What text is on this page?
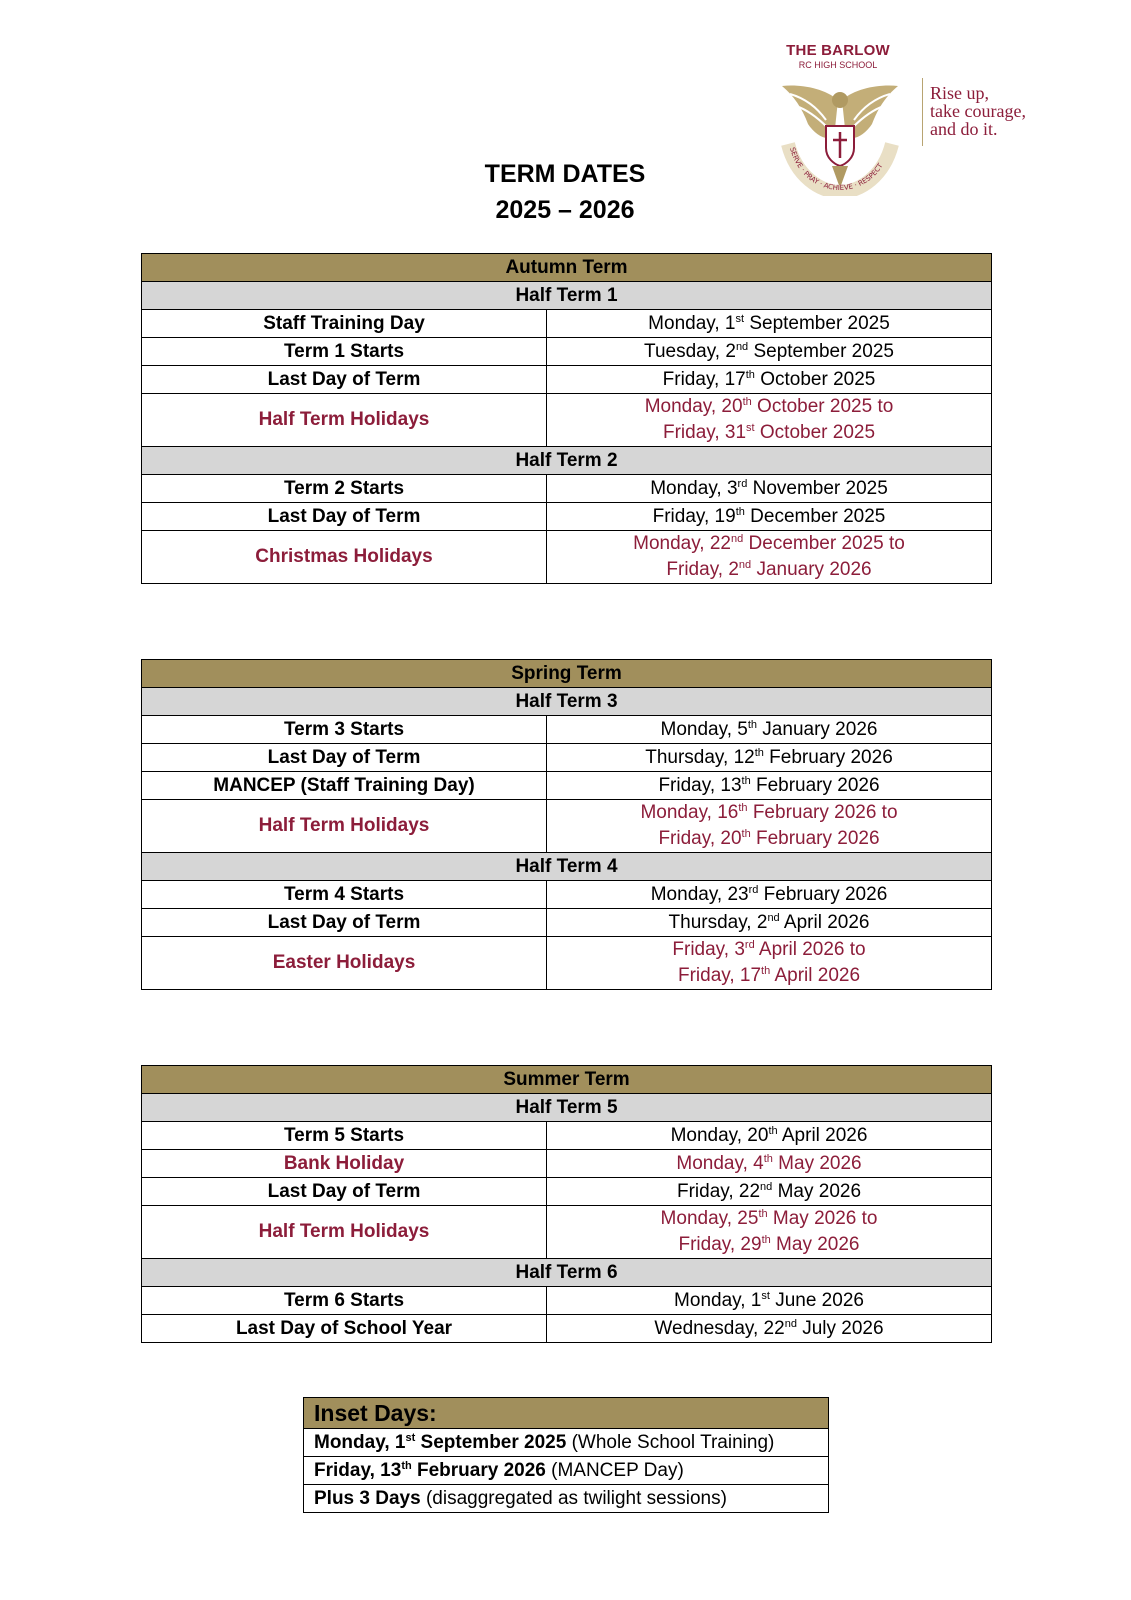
THE BARLOW
RC HIGH SCHOOL
SERVE · PRAY · ACHIEVE · RESPECT
Rise up,
take courage,
and do it.
TERM DATES
2025 – 2026
Autumn Term	
Half Term 1	
Staff Training Day	Monday, 1st September 2025
Term 1 Starts	Tuesday, 2nd September 2025
Last Day of Term	Friday, 17th October 2025
Half Term Holidays	Monday, 20th October 2025 to
Friday, 31st October 2025

Half Term 2	
Term 2 Starts	Monday, 3rd November 2025
Last Day of Term	Friday, 19th December 2025
Christmas Holidays	Monday, 22nd December 2025 to
Friday, 2nd January 2026
Spring Term	
Half Term 3	
Term 3 Starts	Monday, 5th January 2026
Last Day of Term	Thursday, 12th February 2026
MANCEP (Staff Training Day)	Friday, 13th February 2026
Half Term Holidays	Monday, 16th February 2026 to
Friday, 20th February 2026

Half Term 4	
Term 4 Starts	Monday, 23rd February 2026
Last Day of Term	Thursday, 2nd April 2026
Easter Holidays	Friday, 3rd April 2026 to
Friday, 17th April 2026
Summer Term	
Half Term 5	
Term 5 Starts	Monday, 20th April 2026
Bank Holiday	Monday, 4th May 2026
Last Day of Term	Friday, 22nd May 2026
Half Term Holidays	Monday, 25th May 2026 to
Friday, 29th May 2026

Half Term 6	
Term 6 Starts	Monday, 1st June 2026
Last Day of School Year	Wednesday, 22nd July 2026
Inset Days:
Monday, 1st September 2025 (Whole School Training)
Friday, 13th February 2026 (MANCEP Day)
Plus 3 Days (disaggregated as twilight sessions)
